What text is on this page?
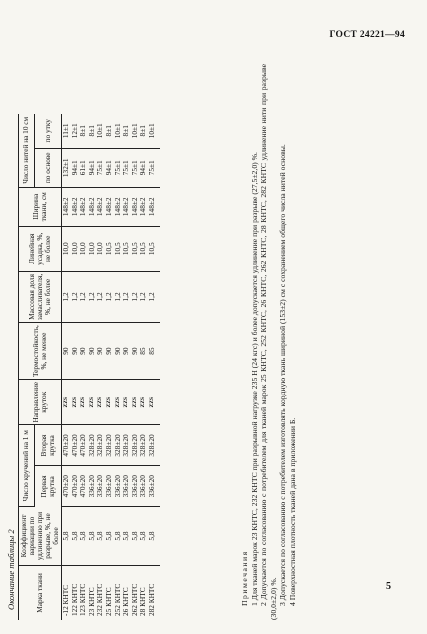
ГОСТ 24221—94
Окончание таблицы 2	Марка ткани	Коэффициент вариации по удлинению при разрыве, %, не более	Число кручений на 1 м		Направление круток	Термостойкость, %, не менее	Массовая доля замасливателя, %, не более	Линейная усадка, %, не более	Ширина ткани, см	Число нитей на 10 см	
		Первая крутка	Вторая крутка						по основе	по утку
-12 КНТС	5,8	470±20	470±20	ZZS	90	1,2	10,0	148±2	132±1	11±1
122 КНТС	5,8	470±20	470±20	ZZS	90	1,2	10,0	148±2	94±1	12±1
123 КНТС	5,8	470±20	470±20	ZZS	90	1,2	10,0	148±2	61±1	8±1
23 КНТС	5,8	336±20	328±20	ZZS	90	1,2	10,0	148±2	94±1	8±1
232 КНТС	5,8	336±20	328±20	ZZS	90	1,2	10,0	148±2	75±1	10±1
25 КНТС	5,8	336±20	328±20	ZZS	90	1,2	10,5	148±2	94±1	8±1
252 КНТС	5,8	336±20	328±20	ZZS	90	1,2	10,5	148±2	75±1	10±1
26 КНТС	5,8	336±20	328±20	ZZS	90	1,2	10,5	148±2	75±1	8±1
262 КНТС	5,8	336±20	328±20	ZZS	90	1,2	10,5	148±2	75±1	10±1
28 КНТС	5,8	336±20	328±20	ZZS	85	1,2	10,5	148±2	94±1	8±1
282 КНТС	5,8	336±20	328±20	ZZS	85	1,2	10,5	148±2	75±1	10±1

Примечания 1 Для тканей марок 23 КНТС, 232 КНТС при разрывной нагрузке 235 Н (24 кгс) и более допускается удлинение при разрыве (27,5±2,0) %. 2 Допускается по согласованию с потребителем для тканей марок 25 КНТС, 252 КНТС, 26 КНТС, 262 КНТС, 28 КНТС, 282 КНТС удлинение нити при разрыве (30,0±2,0) %. 3 Допускается по согласованию с потребителем изготовлять кордную ткань шириной (153±2) см с сохранением общего числа нитей основы. 4 Поверхностная плотность тканей дана в приложении Б.	5
